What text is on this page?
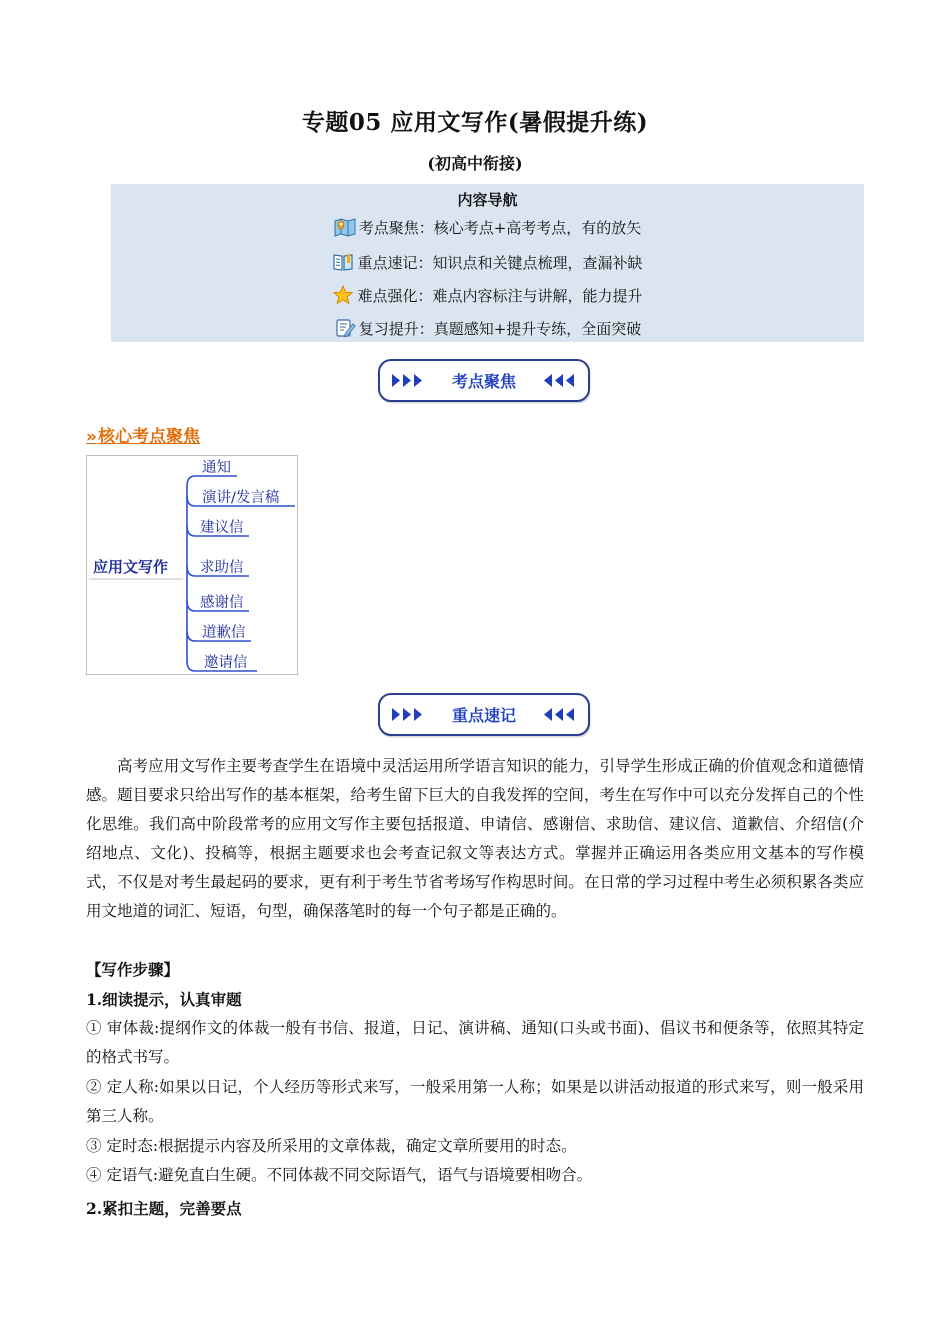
专题05 应用文写作(暑假提升练)
(初高中衔接)
内容导航
考点聚焦：核心考点+高考考点，有的放矢
重点速记：知识点和关键点梳理，查漏补缺
难点强化：难点内容标注与讲解，能力提升
复习提升：真题感知+提升专练，全面突破
考点聚焦
»核心考点聚焦
应用文写作
通知
演讲/发言稿
建议信
求助信
感谢信
道歉信
邀请信
重点速记
高考应用文写作主要考查学生在语境中灵活运用所学语言知识的能力，引导学生形成正确的价值观念和道德情感。题目要求只给出写作的基本框架，给考生留下巨大的自我发挥的空间，考生在写作中可以充分发挥自己的个性化思维。我们高中阶段常考的应用文写作主要包括报道、申请信、感谢信、求助信、建议信、道歉信、介绍信(介绍地点、文化)、投稿等，根据主题要求也会考查记叙文等表达方式。掌握并正确运用各类应用文基本的写作模式，不仅是对考生最起码的要求，更有利于考生节省考场写作构思时间。在日常的学习过程中考生必须积累各类应用文地道的词汇、短语，句型，确保落笔时的每一个句子都是正确的。
【写作步骤】
1.细读提示，认真审题
① 审体裁:提纲作文的体裁一般有书信、报道，日记、演讲稿、通知(口头或书面)、倡议书和便条等，依照其特定的格式书写。
② 定人称:如果以日记，个人经历等形式来写，一般采用第一人称；如果是以讲活动报道的形式来写，则一般采用第三人称。
③ 定时态:根据提示内容及所采用的文章体裁，确定文章所要用的时态。
④ 定语气:避免直白生硬。不同体裁不同交际语气，语气与语境要相吻合。
2.紧扣主题，完善要点
